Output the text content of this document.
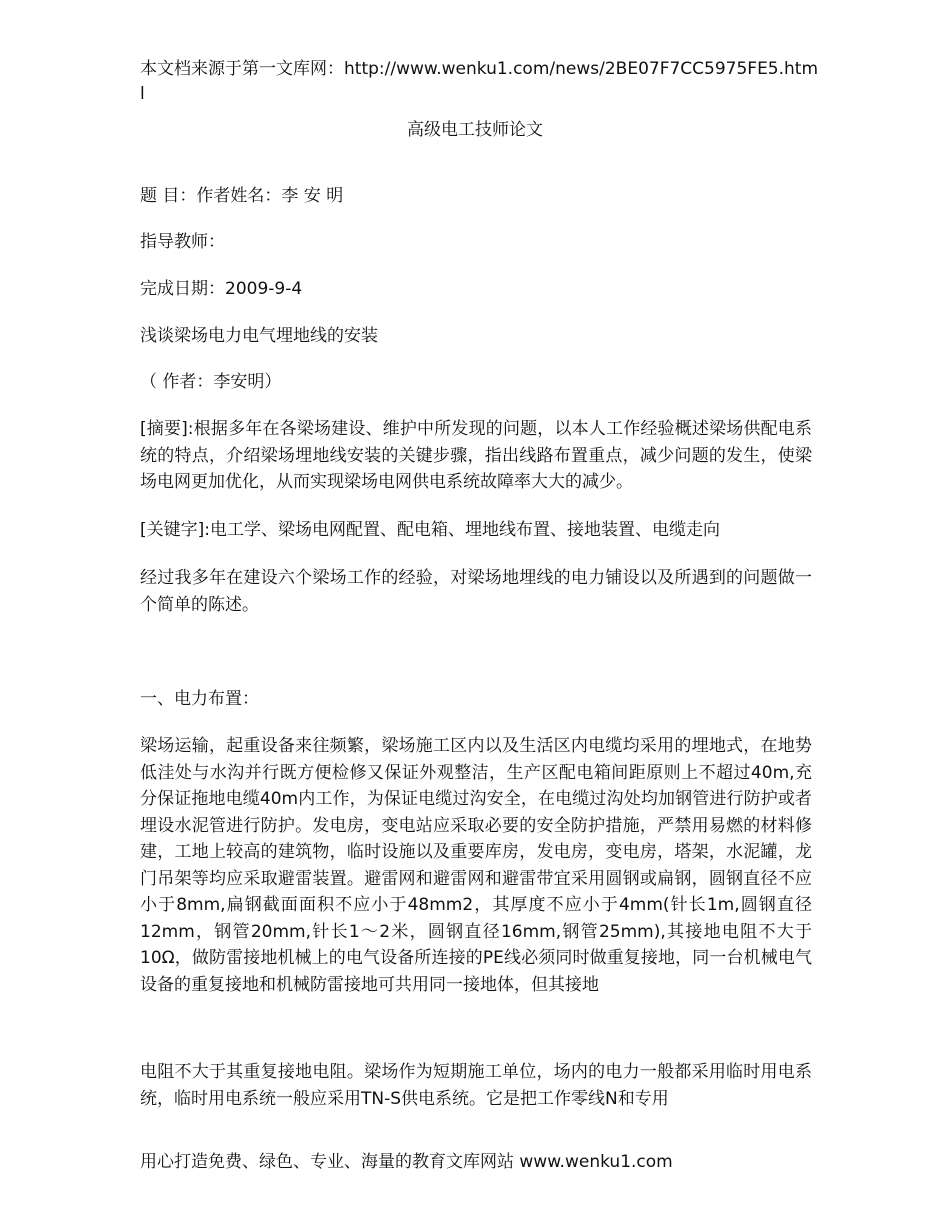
本文档来源于第一文库网：http://www.wenku1.com/news/2BE07F7CC5975FE5.html
高级电工技师论文
题 目：作者姓名：李 安 明
指导教师：
完成日期：2009-9-4
浅谈梁场电力电气埋地线的安装
（ 作者：李安明）
[摘要]:根据多年在各梁场建设、维护中所发现的问题，以本人工作经验概述梁场供配电系统的特点，介绍梁场埋地线安装的关键步骤，指出线路布置重点，减少问题的发生，使梁场电网更加优化，从而实现梁场电网供电系统故障率大大的减少。
[关键字]:电工学、梁场电网配置、配电箱、埋地线布置、接地装置、电缆走向
经过我多年在建设六个梁场工作的经验，对梁场地埋线的电力铺设以及所遇到的问题做一个简单的陈述。
一、电力布置：
梁场运输，起重设备来往频繁，梁场施工区内以及生活区内电缆均采用的埋地式，在地势低洼处与水沟并行既方便检修又保证外观整洁，生产区配电箱间距原则上不超过40m,充分保证拖地电缆40m内工作，为保证电缆过沟安全，在电缆过沟处均加钢管进行防护或者埋设水泥管进行防护。发电房，变电站应采取必要的安全防护措施，严禁用易燃的材料修建，工地上较高的建筑物，临时设施以及重要库房，发电房，变电房，塔架，水泥罐，龙门吊架等均应采取避雷装置。避雷网和避雷网和避雷带宜采用圆钢或扁钢，圆钢直径不应小于8mm,扁钢截面面积不应小于48mm2，其厚度不应小于4mm(针长1m,圆钢直径12mm，钢管20mm,针长1～2米，圆钢直径16mm,钢管25mm),其接地电阻不大于10Ω，做防雷接地机械上的电气设备所连接的PE线必须同时做重复接地，同一台机械电气设备的重复接地和机械防雷接地可共用同一接地体，但其接地
电阻不大于其重复接地电阻。梁场作为短期施工单位，场内的电力一般都采用临时用电系统，临时用电系统一般应采用TN-S供电系统。它是把工作零线N和专用
用心打造免费、绿色、专业、海量的教育文库网站 www.wenku1.com
